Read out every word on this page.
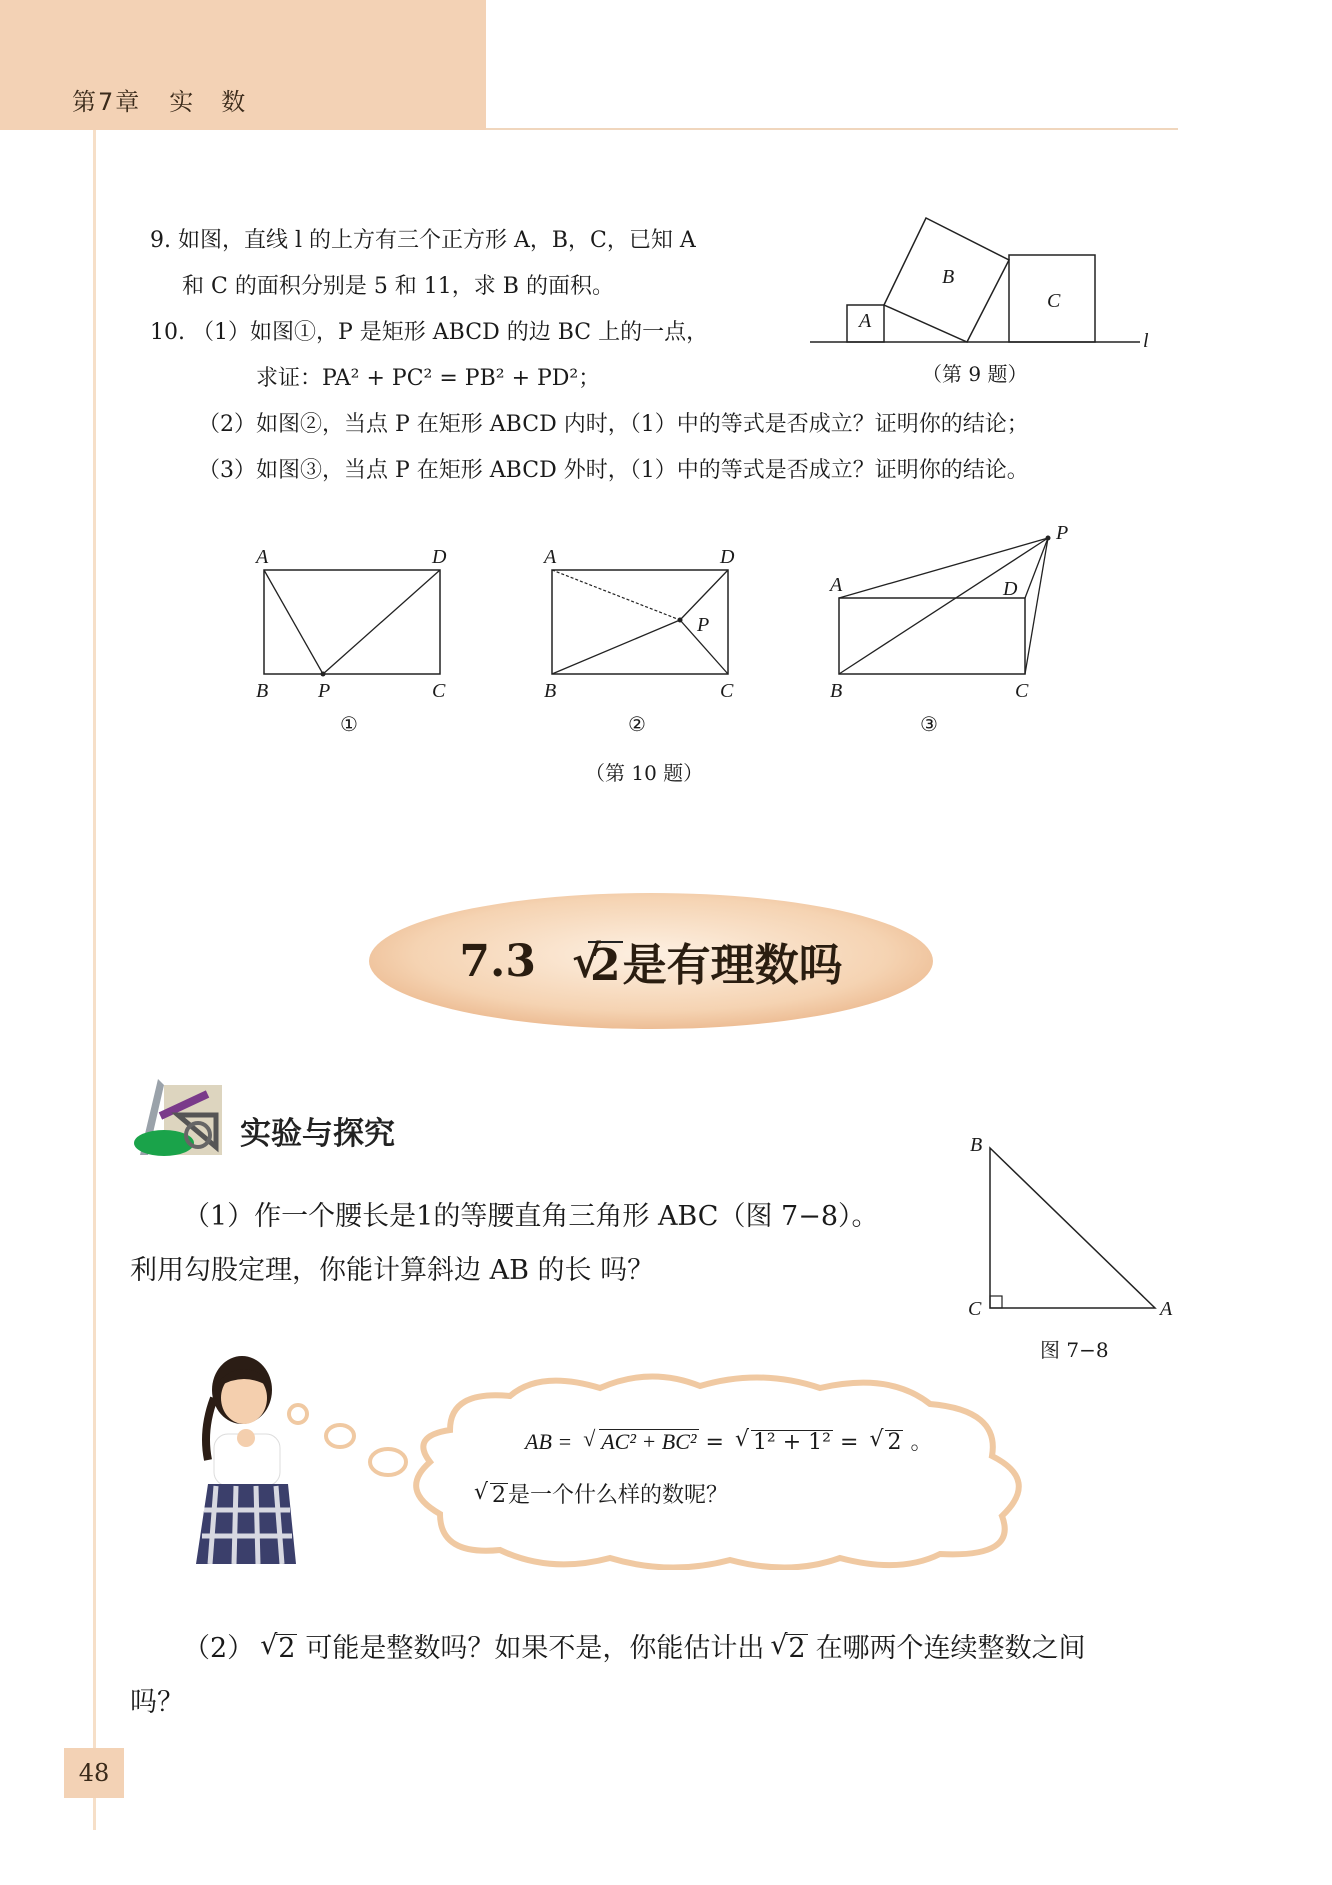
第7章 实　数
9. 如图，直线 l 的上方有三个正方形 A，B，C，已知 A
和 C 的面积分别是 5 和 11，求 B 的面积。
10. （1）如图①，P 是矩形 ABCD 的边 BC 上的一点，
求证：PA² + PC² = PB² + PD²；
（2）如图②，当点 P 在矩形 ABCD 内时，（1）中的等式是否成立？证明你的结论；
（3）如图③，当点 P 在矩形 ABCD 外时，（1）中的等式是否成立？证明你的结论。
A
B
C
l
（第 9 题）
A	D
B P	C
①
A	D
B
P
C
②
A	D
B
P
C
③
（第 10 题）
7.3	√ 2是有理数吗
实验与探究
（1）作一个腰长是1的等腰直角三角形 ABC（图 7−8）。
利用勾股定理，你能计算斜边 AB 的长 吗？
B
C	A
图 7−8
AB = √ AC² + BC² = √ 1² + 1² = √ 2 。
√ 2是一个什么样的数呢？
（2） √ 2 可能是整数吗？如果不是，你能估计出 √ 2 在哪两个连续整数之间
吗？
48
